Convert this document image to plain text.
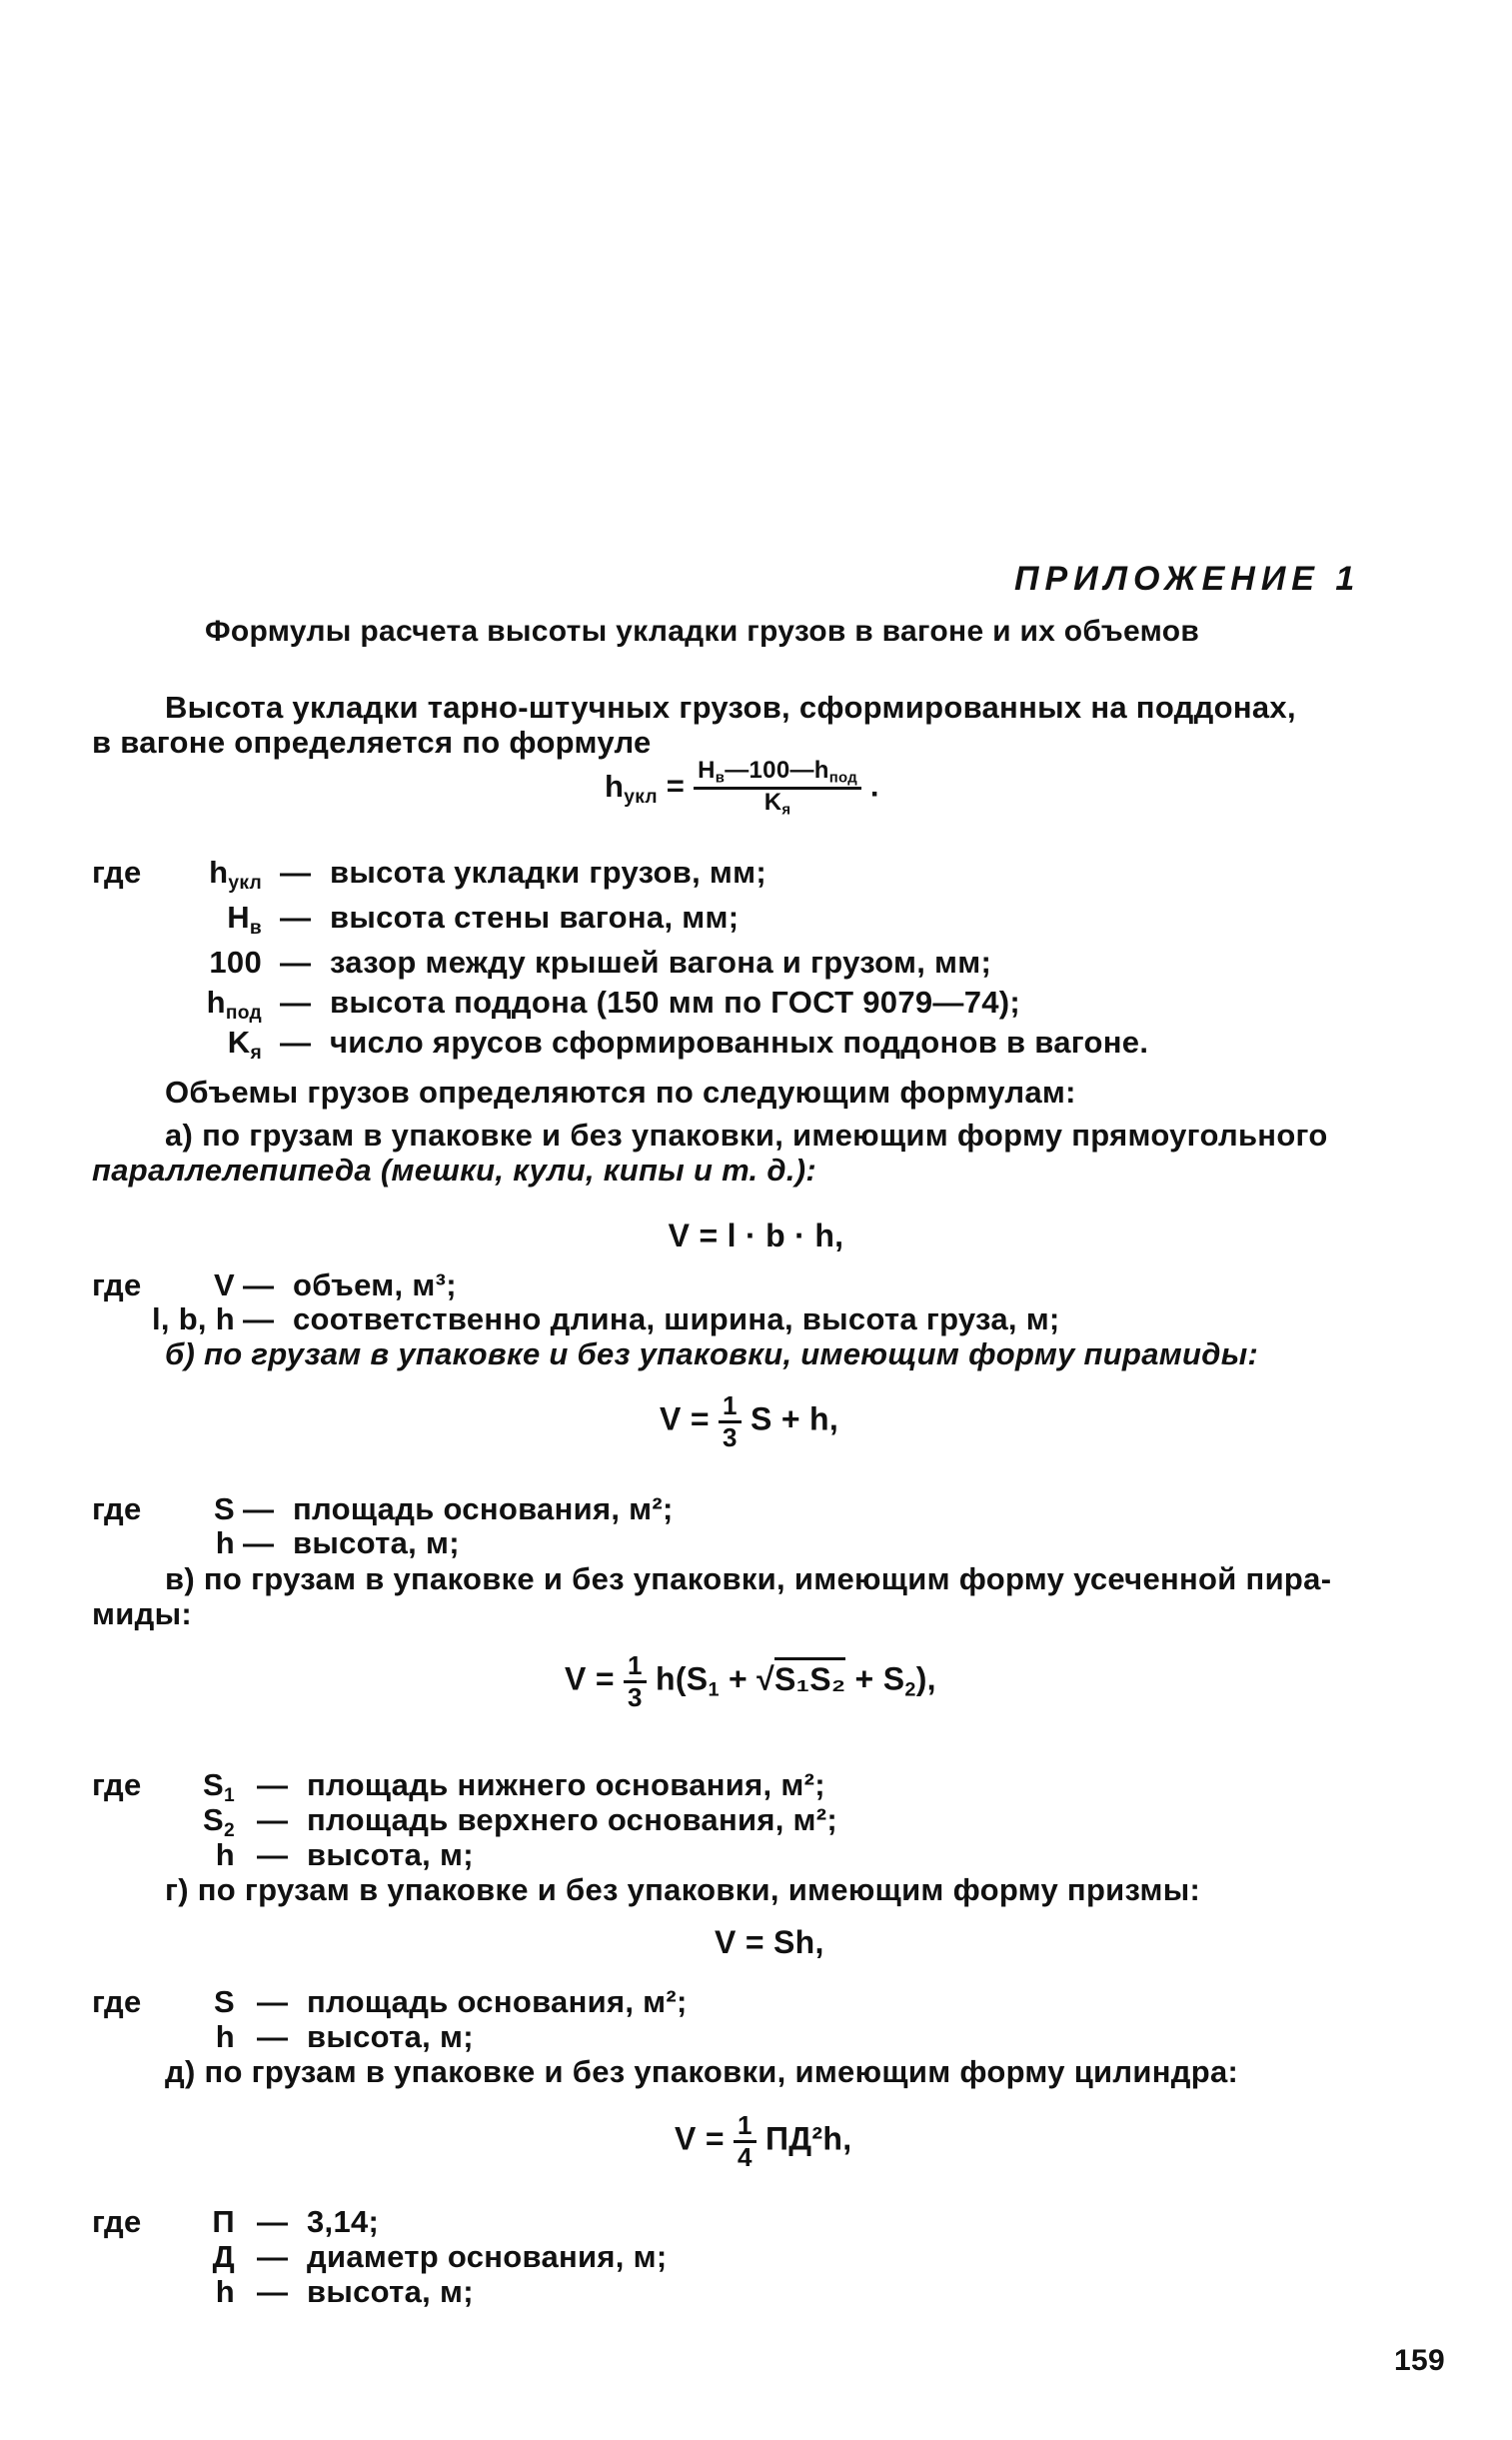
ПРИЛОЖЕНИЕ 1
Формулы расчета высоты укладки грузов в вагоне и их объемов
Высота укладки тарно-штучных грузов, сформированных на поддонах,
в вагоне определяется по формуле
$h_{укл} = \frac{H_в—100—h_{под}}{K_я}$ .
где	$h_{укл}$ — высота укладки грузов, мм;
$H_в$ — высота стены вагона, мм;
100 — зазор между крышей вагона и грузом, мм;
$h_{под}$ — высота поддона (150 мм по ГОСТ 9079—74);
$K_я$ — число ярусов сформированных поддонов в вагоне.
Объемы грузов определяются по следующим формулам:
а) по грузам в упаковке и без упаковки, имеющим форму прямоугольного
параллелепипеда (мешки, кули, кипы и т. д.):
V = l · b · h,
где	V — объем, м³;
l, b, h — соответственно длина, ширина, высота груза, м;
б) по грузам в упаковке и без упаковки, имеющим форму пирамиды:
$V = \frac{1}{3}$ S + h,
где	S — площадь основания, м²;
h — высота, м;
в) по грузам в упаковке и без упаковки, имеющим форму усеченной пира-
миды:
$V = \frac{1}{3} h(S_1 + √S_1S_2 + S_2)$,
где	$S_1$ — площадь нижнего основания, м²;
$S_2$ — площадь верхнего основания, м²;
h — высота, м;
г) по грузам в упаковке и без упаковки, имеющим форму призмы:
V = Sh,
где	S — площадь основания, м²;
h — высота, м;
д) по грузам в упаковке и без упаковки, имеющим форму цилиндра:
$V = \frac{1}{4} ПД^2h$,
где	П — 3,14;
Д — диаметр основания, м;
h — высота, м;
159
